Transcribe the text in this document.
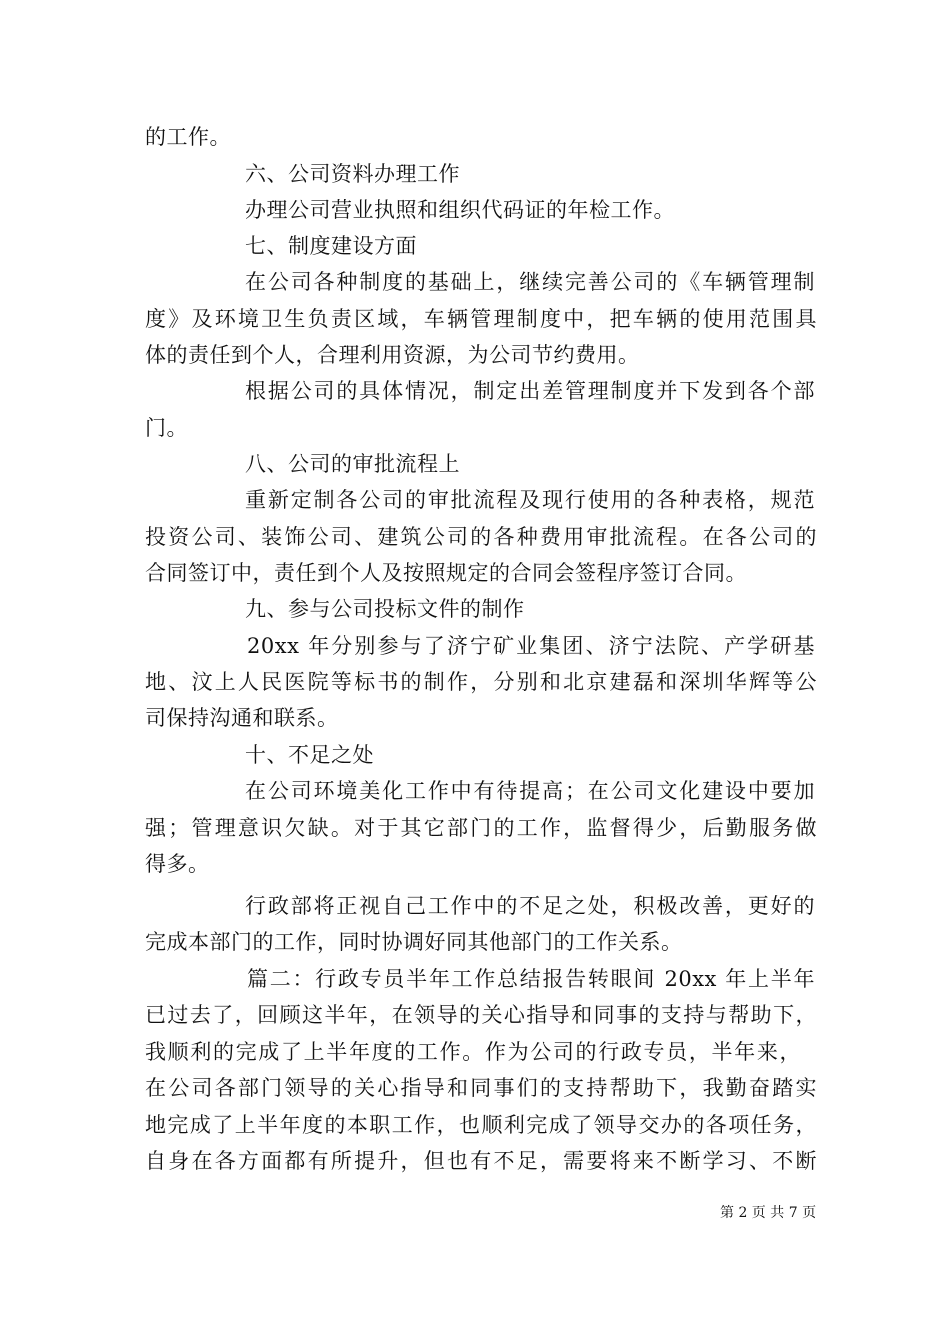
的工作。
六、公司资料办理工作
办理公司营业执照和组织代码证的年检工作。
七、制度建设方面
在公司各种制度的基础上，继续完善公司的《车辆管理制
度》及环境卫生负责区域，车辆管理制度中，把车辆的使用范围具
体的责任到个人，合理利用资源，为公司节约费用。
根据公司的具体情况，制定出差管理制度并下发到各个部
门。
八、公司的审批流程上
重新定制各公司的审批流程及现行使用的各种表格，规范
投资公司、装饰公司、建筑公司的各种费用审批流程。在各公司的
合同签订中，责任到个人及按照规定的合同会签程序签订合同。
九、参与公司投标文件的制作
20xx 年分别参与了济宁矿业集团、济宁法院、产学研基
地、汶上人民医院等标书的制作，分别和北京建磊和深圳华辉等公
司保持沟通和联系。
十、不足之处
在公司环境美化工作中有待提高；在公司文化建设中要加
强；管理意识欠缺。对于其它部门的工作，监督得少，后勤服务做
得多。
行政部将正视自己工作中的不足之处，积极改善，更好的
完成本部门的工作，同时协调好同其他部门的工作关系。
篇二：行政专员半年工作总结报告转眼间 20xx 年上半年
已过去了，回顾这半年，在领导的关心指导和同事的支持与帮助下，
我顺利的完成了上半年度的工作。作为公司的行政专员，半年来，
在公司各部门领导的关心指导和同事们的支持帮助下，我勤奋踏实
地完成了上半年度的本职工作，也顺利完成了领导交办的各项任务，
自身在各方面都有所提升，但也有不足，需要将来不断学习、不断
第 2 页 共 7 页
